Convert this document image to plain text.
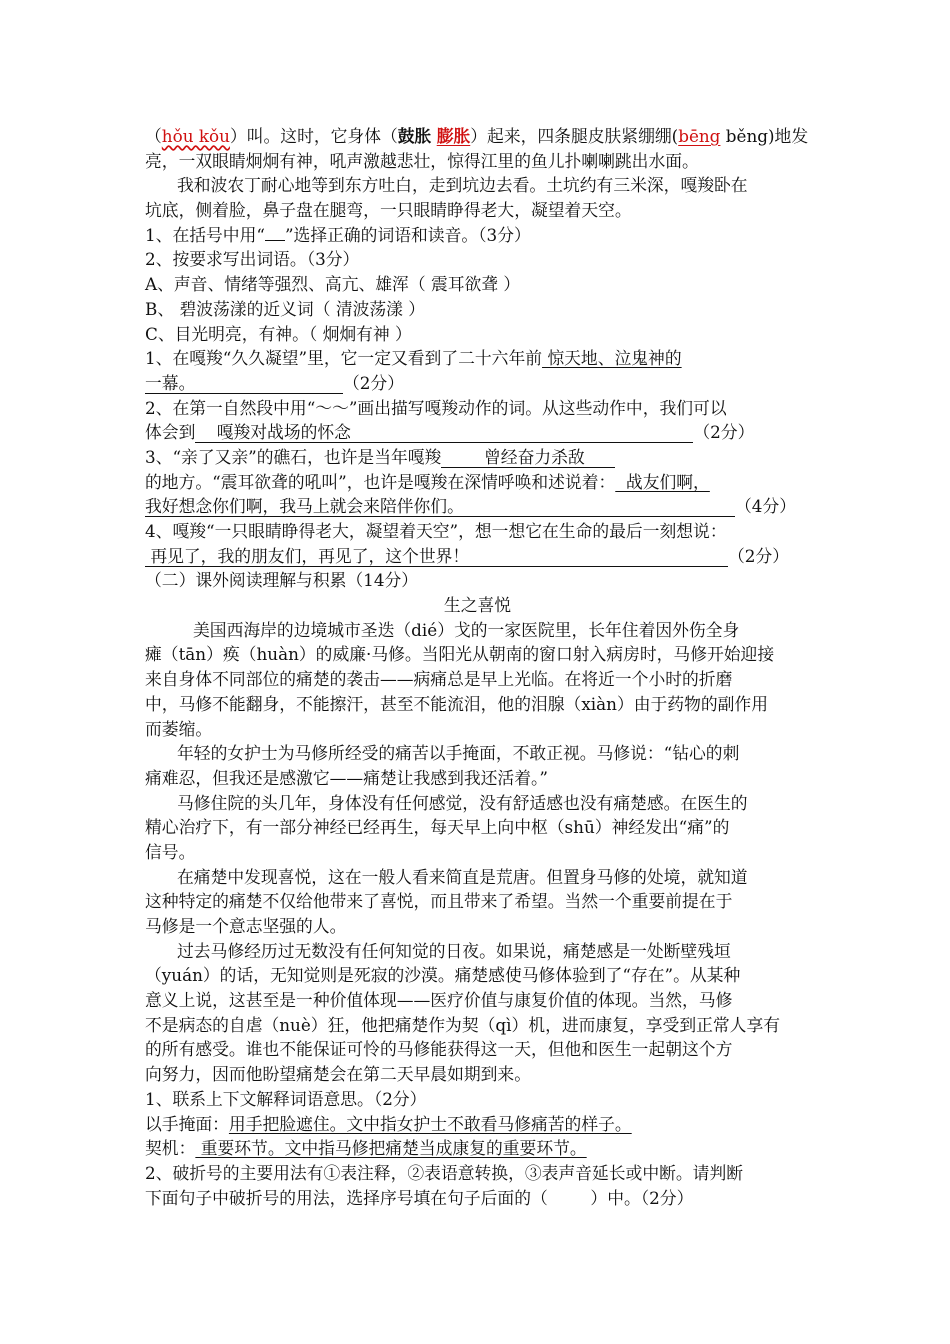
（hǒu kǒu）叫。这时，它身体（鼓胀 膨胀）起来，四条腿皮肤紧绷绷(bēng běng)地发
亮，一双眼睛炯炯有神，吼声激越悲壮，惊得江里的鱼儿扑喇喇跳出水面。
我和波农丁耐心地等到东方吐白，走到坑边去看。土坑约有三米深，嘎羧卧在
坑底，侧着脸，鼻子盘在腿弯，一只眼睛睁得老大，凝望着天空。
1、在括号中用“ ”选择正确的词语和读音。（3分）
2、按要求写出词语。（3分）
A、声音、情绪等强烈、高亢、雄浑（ 震耳欲聋 ）
B、 碧波荡漾的近义词（ 清波荡漾 ）
C、目光明亮，有神。（ 炯炯有神 ）
1、在嘎羧“久久凝望”里，它一定又看到了二十六年前 惊天地、泣鬼神的
一幕。	（2分）
2、在第一自然段中用“～～”画出描写嘎羧动作的词。从这些动作中，我们可以
体会到    嘎羧对战场的怀念	（2分）
3、“亲了又亲”的礁石，也许是当年嘎羧        曾经奋力杀敌
的地方。“震耳欲聋的吼叫”，也许是嘎羧在深情呼唤和述说着：  战友们啊，
我好想念你们啊，我马上就会来陪伴你们。	（4分）
4、嘎羧“一只眼睛睁得老大，凝望着天空”，想一想它在生命的最后一刻想说：
再见了，我的朋友们，再见了，这个世界！	（2分）
（二）课外阅读理解与积累（14分）
生之喜悦
美国西海岸的边境城市圣迭（dié）戈的一家医院里，长年住着因外伤全身
瘫（tān）痪（huàn）的威廉·马修。当阳光从朝南的窗口射入病房时，马修开始迎接
来自身体不同部位的痛楚的袭击——病痛总是早上光临。在将近一个小时的折磨
中，马修不能翻身，不能擦汗，甚至不能流泪，他的泪腺（xiàn）由于药物的副作用
而萎缩。
年轻的女护士为马修所经受的痛苦以手掩面，不敢正视。马修说：“钻心的刺
痛难忍，但我还是感激它——痛楚让我感到我还活着。”
马修住院的头几年，身体没有任何感觉，没有舒适感也没有痛楚感。在医生的
精心治疗下，有一部分神经已经再生，每天早上向中枢（shū）神经发出“痛”的
信号。
在痛楚中发现喜悦，这在一般人看来简直是荒唐。但置身马修的处境，就知道
这种特定的痛楚不仅给他带来了喜悦，而且带来了希望。当然一个重要前提在于
马修是一个意志坚强的人。
过去马修经历过无数没有任何知觉的日夜。如果说，痛楚感是一处断壁残垣
（yuán）的话，无知觉则是死寂的沙漠。痛楚感使马修体验到了“存在”。从某种
意义上说，这甚至是一种价值体现——医疗价值与康复价值的体现。当然，马修
不是病态的自虐（nuè）狂，他把痛楚作为契（qì）机，进而康复，享受到正常人享有
的所有感受。谁也不能保证可怜的马修能获得这一天，但他和医生一起朝这个方
向努力，因而他盼望痛楚会在第二天早晨如期到来。
1、联系上下文解释词语意思。（2分）
以手掩面：用手把脸遮住。文中指女护士不敢看马修痛苦的样子。
契机： 重要环节。文中指马修把痛楚当成康复的重要环节。
2、破折号的主要用法有①表注释，②表语意转换，③表声音延长或中断。请判断
下面句子中破折号的用法，选择序号填在句子后面的（        ）中。（2分）
